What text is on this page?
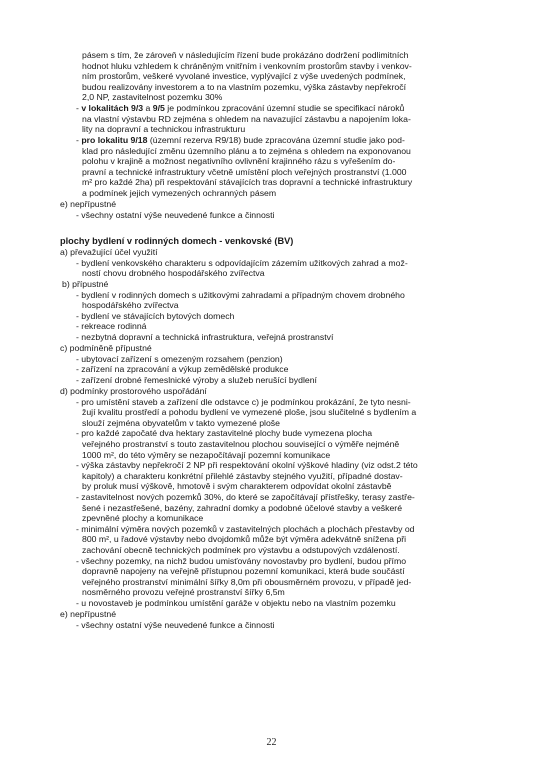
pásem s tím, že zároveň v následujícím řízení bude prokázáno dodržení podlimitních
hodnot hluku vzhledem k chráněným vnitřním i venkovním prostorům stavby i venkov-
ním prostorům, veškeré vyvolané investice, vyplývající z výše uvedených podmínek,
budou realizovány investorem a to na vlastním pozemku, výška zástavby nepřekročí
2,0 NP, zastavitelnost pozemku 30%
- v lokalitách 9/3 a 9/5 je podmínkou zpracování územní studie se specifikací nároků
na vlastní výstavbu RD zejména s ohledem na navazující zástavbu a napojením loka-
lity na dopravní a technickou infrastrukturu
- pro lokalitu 9/18 (územní rezerva R9/18) bude zpracována územní studie jako pod-
klad pro následující změnu územního plánu a to zejména s ohledem na exponovanou
polohu v krajině a možnost negativního ovlivnění krajinného rázu s vyřešením do-
pravní a technické infrastruktury včetně umístění ploch veřejných prostranství (1.000
m² pro každé 2ha) při respektování stávajících tras dopravní a technické infrastruktury
a podmínek jejich vymezených ochranných pásem
e) nepřípustné
- všechny ostatní výše neuvedené funkce a činnosti
plochy bydlení v rodinných domech - venkovské (BV)
a) převažující účel využití
- bydlení venkovského charakteru s odpovídajícím zázemím užitkových zahrad a mož-
ností chovu drobného hospodářského zvířectva
b) přípustné
- bydlení v rodinných domech s užitkovými zahradami a případným chovem drobného
hospodářského zvířectva
- bydlení ve stávajících bytových domech
- rekreace rodinná
- nezbytná dopravní a technická infrastruktura, veřejná prostranství
c) podmíněně přípustné
- ubytovací zařízení s omezeným rozsahem (penzion)
- zařízení na zpracování a výkup zemědělské produkce
- zařízení drobné řemeslnické výroby a služeb nerušící bydlení
d) podmínky prostorového uspořádání
- pro umístění staveb a zařízení dle odstavce c) je podmínkou prokázání, že tyto nesni-
žují kvalitu prostředí a pohodu bydlení ve vymezené ploše, jsou slučitelné s bydlením a
slouží zejména obyvatelům v takto vymezené ploše
- pro každé započaté dva hektary zastavitelné plochy bude vymezena plocha
veřejného prostranství s touto zastavitelnou plochou související o výměře nejméně
1000 m², do této výměry se nezapočítávají pozemní komunikace
- výška zástavby nepřekročí 2 NP při respektování okolní výškové hladiny (viz odst.2 této
kapitoly) a charakteru konkrétní přilehlé zástavby stejného využití, případné dostav-
by proluk musí výškově, hmotově i svým charakterem odpovídat okolní zástavbě
- zastavitelnost nových pozemků 30%, do které se započítávají přístřešky, terasy zastře-
šené i nezastřešené, bazény, zahradní domky a podobné účelové stavby a veškeré
zpevněné plochy a komunikace
- minimální výměra nových pozemků v zastavitelných plochách a plochách přestavby od
800 m², u řadové výstavby nebo dvojdomků může být výměra adekvátně snížena při
zachování obecně technických podmínek pro výstavbu a odstupových vzdáleností.
- všechny pozemky, na nichž budou umisťovány novostavby pro bydlení, budou přímo
dopravně napojeny na veřejně přístupnou pozemní komunikaci, která bude součástí
veřejného prostranství minimální šířky 8,0m při obousměrném provozu, v případě jed-
nosměrného provozu veřejné prostranství šířky 6,5m
- u novostaveb je podmínkou umístění garáže v objektu nebo na vlastním pozemku
e) nepřípustné
- všechny ostatní výše neuvedené funkce a činnosti
22
